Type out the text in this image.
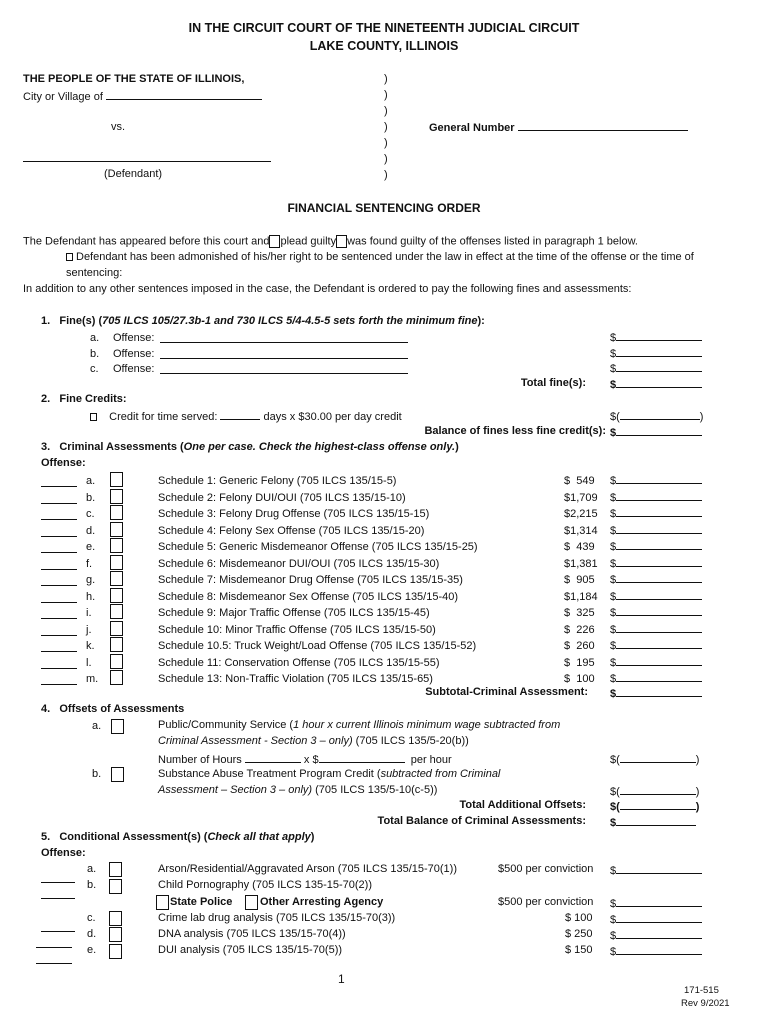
IN THE CIRCUIT COURT OF THE NINETEENTH JUDICIAL CIRCUIT
LAKE COUNTY, ILLINOIS
THE PEOPLE OF THE STATE OF ILLINOIS,
City or Village of
vs.
(Defendant)
)
)
)
)
)
)
)
General Number
FINANCIAL SENTENCING ORDER
The Defendant has appeared before this court and plead guilty was found guilty of the offenses listed in paragraph 1 below.
Defendant has been admonished of his/her right to be sentenced under the law in effect at the time of the offense or the time of
sentencing:
In addition to any other sentences imposed in the case, the Defendant is ordered to pay the following fines and assessments:
1. Fine(s) (705 ILCS 105/27.3b-1 and 730 ILCS 5/4-4.5-5 sets forth the minimum fine):
a. Offense:	$
b. Offense:	$
c. Offense:	$
Total fine(s): $
2. Fine Credits:
Credit for time served:	days x $30.00 per day credit	$(	)
Balance of fines less fine credit(s): $
3. Criminal Assessments (One per case. Check the highest-class offense only.)
Offense:
a.	Schedule 1: Generic Felony (705 ILCS 135/15-5)	$  549 $
b.	Schedule 2: Felony DUI/OUI (705 ILCS 135/15-10)	$1,709 $
c.	Schedule 3: Felony Drug Offense (705 ILCS 135/15-15)	$2,215 $
d.	Schedule 4: Felony Sex Offense (705 ILCS 135/15-20)	$1,314 $
e.	Schedule 5: Generic Misdemeanor Offense (705 ILCS 135/15-25)	$  439 $
f.	Schedule 6: Misdemeanor DUI/OUI (705 ILCS 135/15-30)	$1,381 $
g.	Schedule 7: Misdemeanor Drug Offense (705 ILCS 135/15-35)	$  905 $
h.	Schedule 8: Misdemeanor Sex Offense (705 ILCS 135/15-40)	$1,184 $
i.	Schedule 9: Major Traffic Offense (705 ILCS 135/15-45)	$  325 $
j.	Schedule 10: Minor Traffic Offense (705 ILCS 135/15-50)	$  226 $
k.	Schedule 10.5: Truck Weight/Load Offense (705 ILCS 135/15-52)	$  260 $
l.	Schedule 11: Conservation Offense (705 ILCS 135/15-55)	$  195 $
m.	Schedule 13: Non-Traffic Violation (705 ILCS 135/15-65)	$  100 $
Subtotal-Criminal Assessment: $
4. Offsets of Assessments
a.	Public/Community Service (1 hour x current Illinois minimum wage subtracted from
Criminal Assessment - Section 3 – only) (705 ILCS 135/5-20(b))
Number of Hours	x $	per hour	$(	)
b.	Substance Abuse Treatment Program Credit (subtracted from Criminal
Assessment – Section 3 – only) (705 ILCS 135/5-10(c-5))	$(	)
Total Additional Offsets: $(	)
Total Balance of Criminal Assessments: $
5. Conditional Assessment(s) (Check all that apply)
Offense:
a.	Arson/Residential/Aggravated Arson (705 ILCS 135/15-70(1))	$500 per conviction $
b.	Child Pornography (705 ILCS 135-15-70(2))
State Police	Other Arresting Agency	$500 per conviction $
c.	Crime lab drug analysis (705 ILCS 135/15-70(3))	$ 100 $
d.	DNA analysis (705 ILCS 135/15-70(4))	$ 250 $
e.	DUI analysis (705 ILCS 135/15-70(5))	$ 150 $
1
171-515
Rev 9/2021
